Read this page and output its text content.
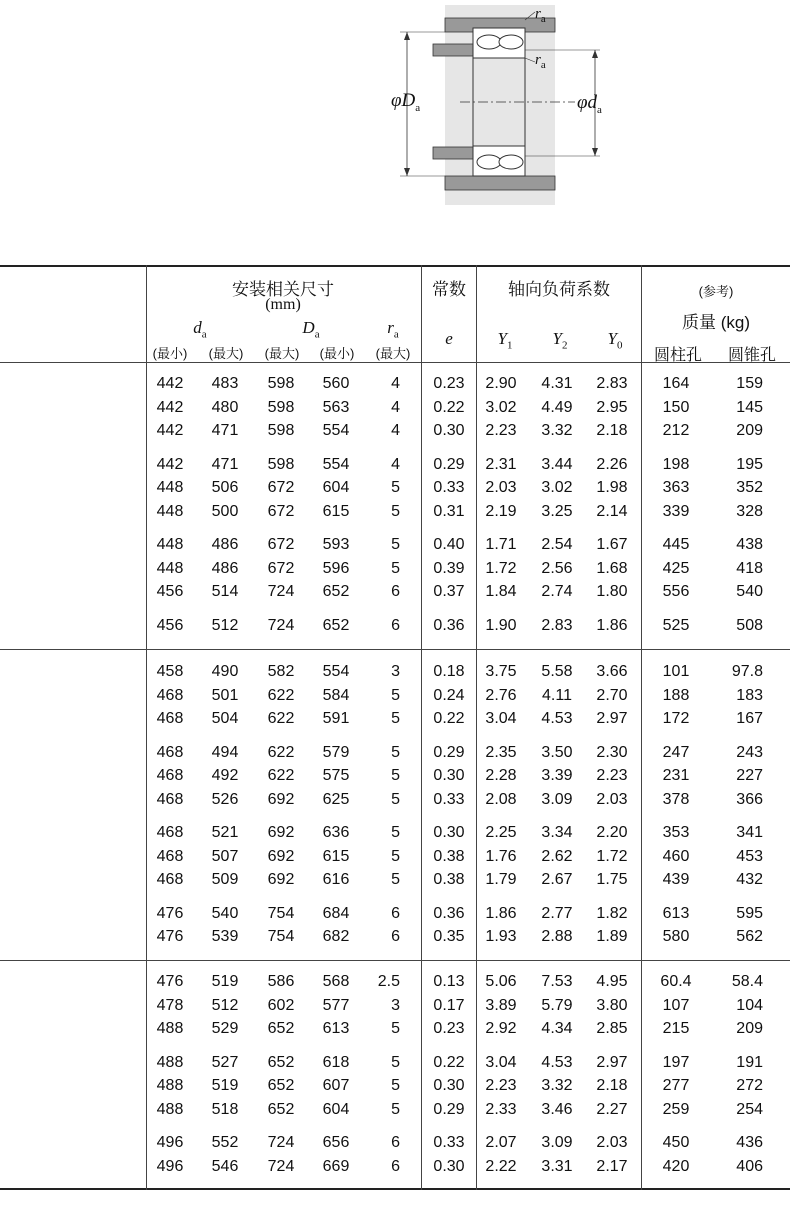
$r_a$
$r_a$
$\varphi D_a$	$\varphi d_a$
安装相关尺寸
(mm)
$d_a$	$D_a$	$r_a$
(最小) (最大) (最大) (最小) (最大)
常数
e
轴向负荷系数
$Y_1$ $Y_2$ $Y_0$
(参考)
质量 (kg)
圆柱孔 圆锥孔
442 483 598 560	4 0.23 2.90 4.31 2.83 164	159
442 480 598 563	4 0.22 3.02 4.49 2.95 150	145
442 471 598 554	4 0.30 2.23 3.32 2.18 212	209
442 471 598 554	4 0.29 2.31 3.44 2.26 198	195
448 506 672 604	5 0.33 2.03 3.02 1.98 363	352
448 500 672 615	5 0.31 2.19 3.25 2.14 339	328
448 486 672 593	5 0.40 1.71 2.54 1.67 445	438
448 486 672 596	5 0.39 1.72 2.56 1.68 425	418
456 514 724 652	6 0.37 1.84 2.74 1.80 556	540
456 512 724 652	6 0.36 1.90 2.83 1.86 525	508
458 490 582 554	3 0.18 3.75 5.58 3.66 101	97.8
468 501 622 584	5 0.24 2.76 4.11 2.70 188	183
468 504 622 591	5 0.22 3.04 4.53 2.97 172	167
468 494 622 579	5 0.29 2.35 3.50 2.30 247	243
468 492 622 575	5 0.30 2.28 3.39 2.23 231	227
468 526 692 625	5 0.33 2.08 3.09 2.03 378	366
468 521 692 636	5 0.30 2.25 3.34 2.20 353	341
468 507 692 615	5 0.38 1.76 2.62 1.72 460	453
468 509 692 616	5 0.38 1.79 2.67 1.75 439	432
476 540 754 684	6 0.36 1.86 2.77 1.82 613	595
476 539 754 682	6 0.35 1.93 2.88 1.89 580	562
476 519 586 568 2.5 0.13 5.06 7.53 4.95 60.4	58.4
478 512 602 577	3 0.17 3.89 5.79 3.80 107	104
488 529 652 613	5 0.23 2.92 4.34 2.85 215	209
488 527 652 618	5 0.22 3.04 4.53 2.97 197	191
488 519 652 607	5 0.30 2.23 3.32 2.18 277	272
488 518 652 604	5 0.29 2.33 3.46 2.27 259	254
496 552 724 656	6 0.33 2.07 3.09 2.03 450	436
496 546 724 669	6 0.30 2.22 3.31 2.17 420	406
